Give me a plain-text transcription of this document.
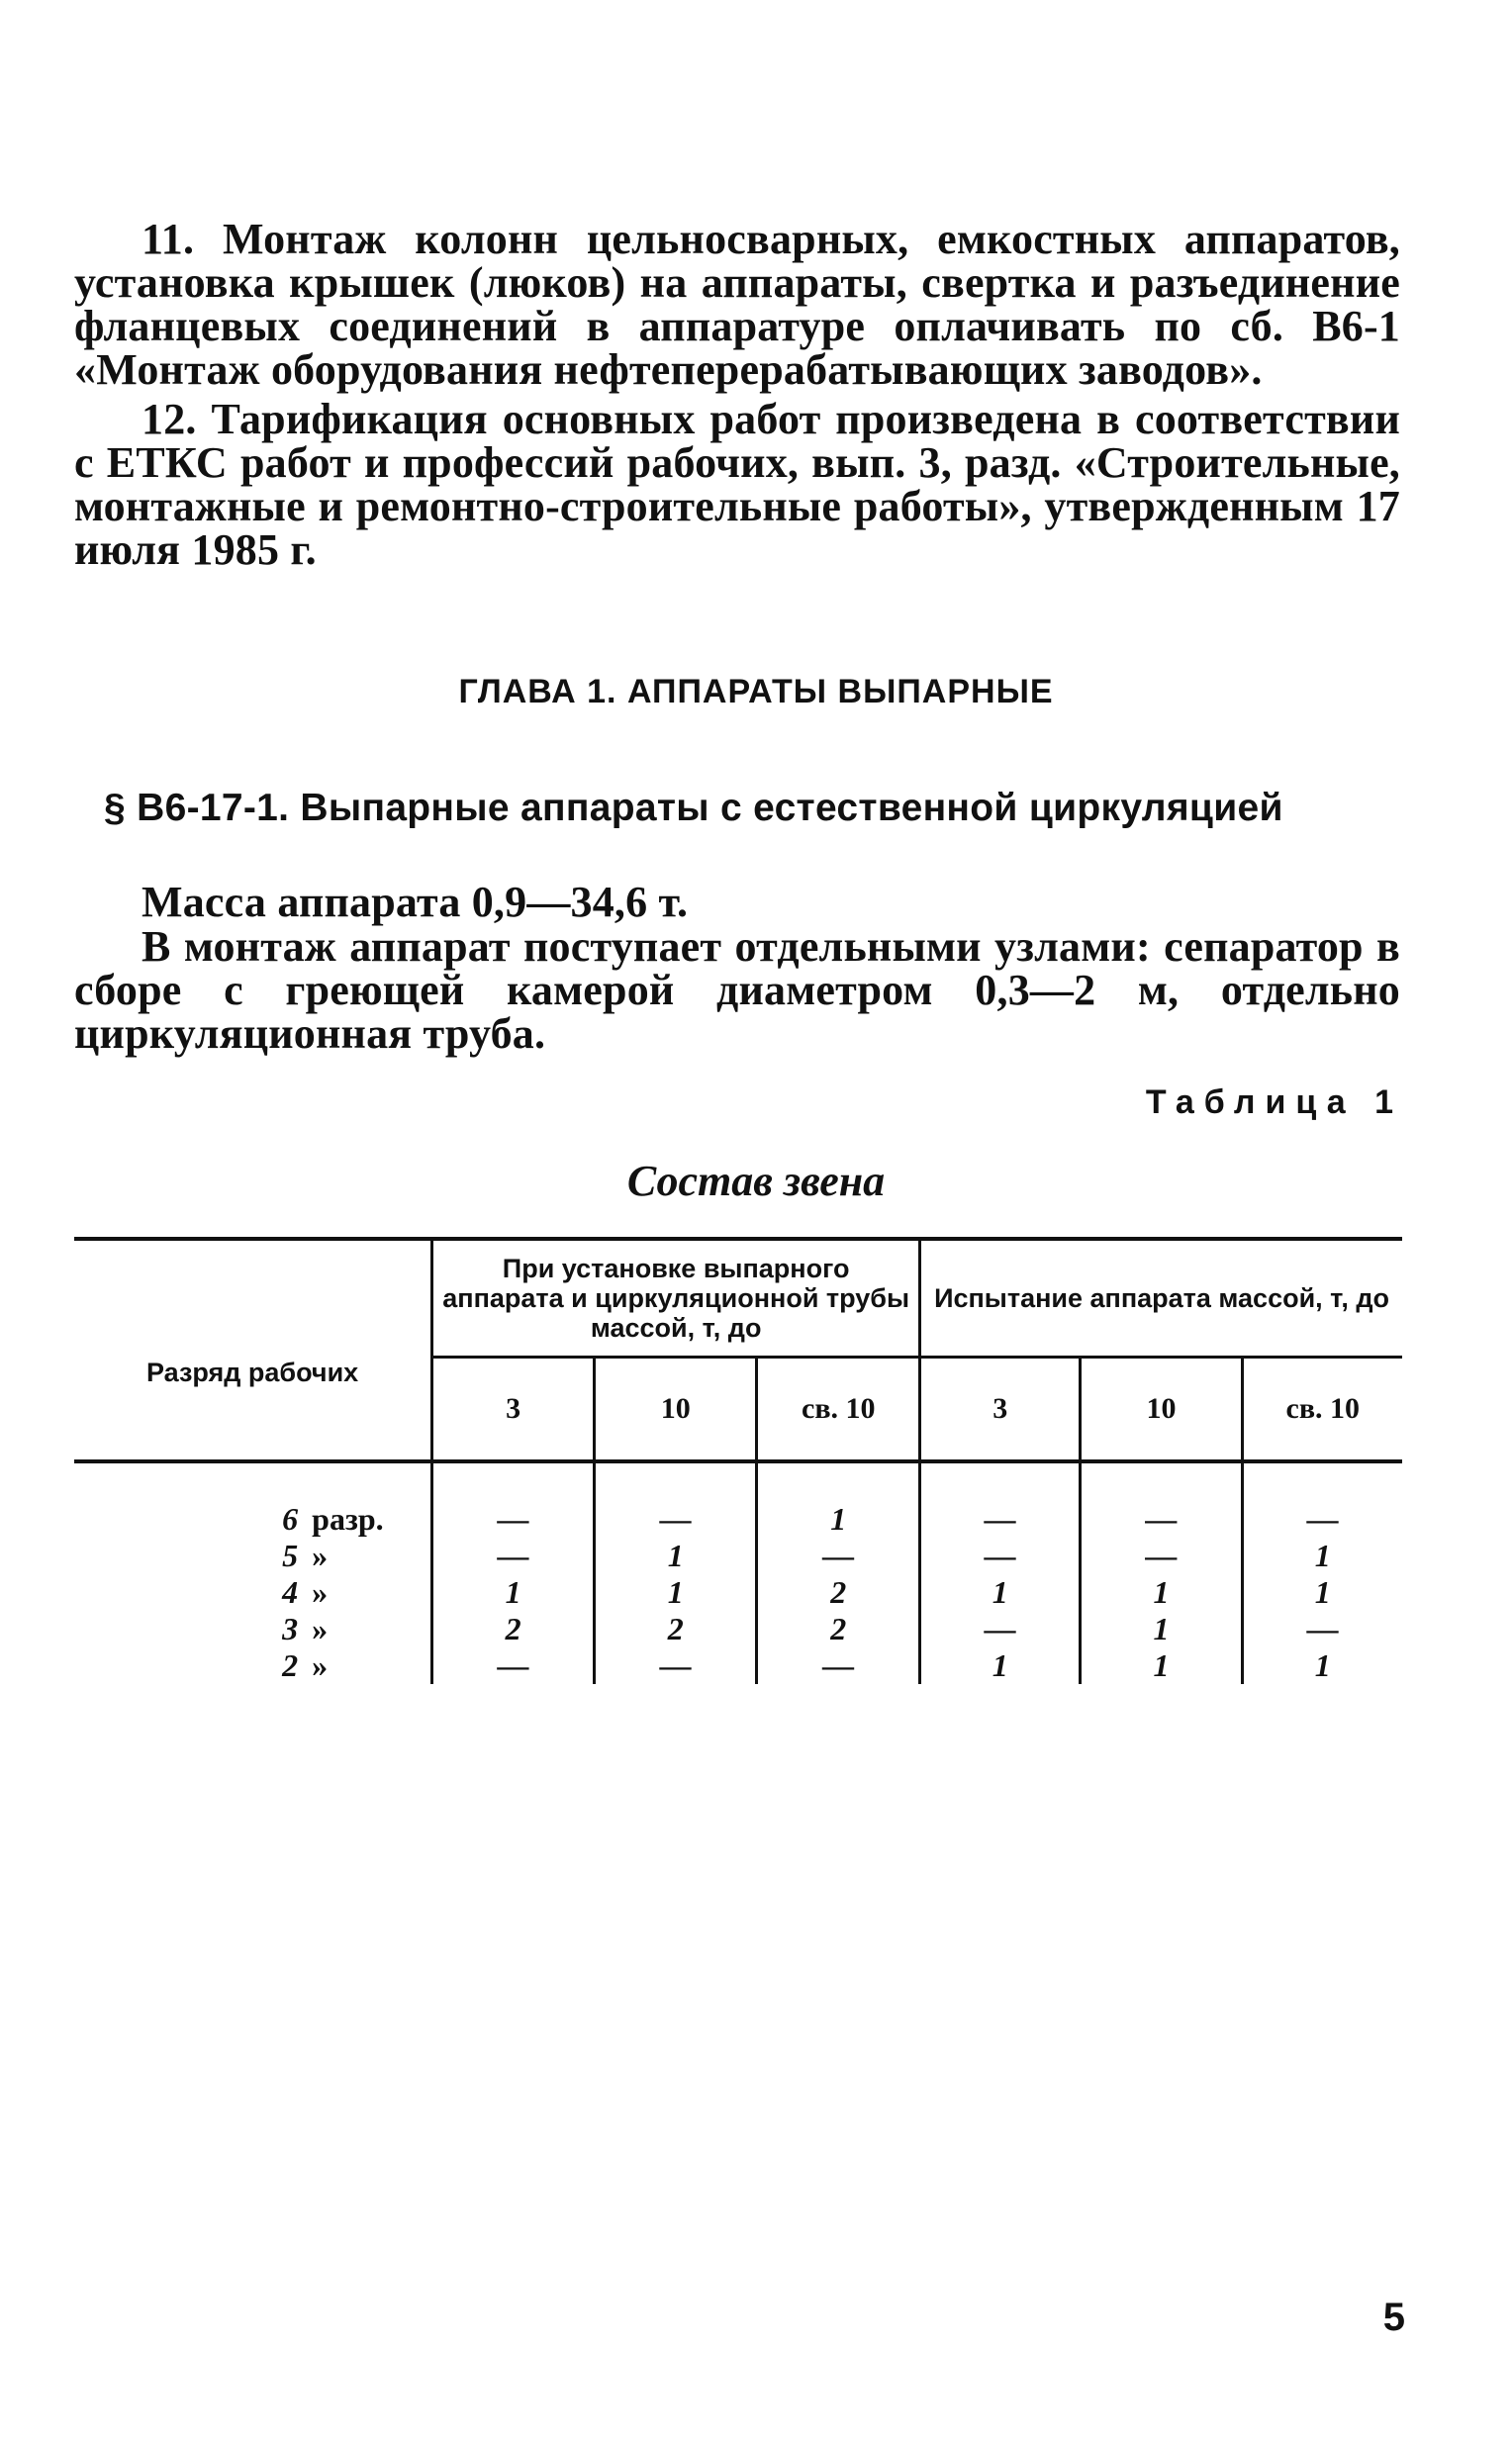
11. Монтаж колонн цельносварных, емкостных аппаратов, установка крышек (люков) на аппараты, свертка и разъединение фланцевых соединений в аппаратуре оплачивать по сб. В6-1 «Монтаж оборудования нефтеперерабатывающих заводов».

12. Тарификация основных работ произведена в соответствии с ЕТКС работ и профессий рабочих, вып. 3, разд. «Строительные, монтажные и ремонтно-строительные работы», утвержденным 17 июля 1985 г.

ГЛАВА 1. АППАРАТЫ ВЫПАРНЫЕ
§ В6-17-1. Выпарные аппараты с естественной циркуляцией

Масса аппарата 0,9—34,6 т.

В монтаж аппарат поступает отдельными узлами: сепаратор в сборе с греющей камерой диаметром 0,3—2 м, отдельно циркуляционная труба.

Таблица 1
Состав звена
Разряд рабочих	При установке выпарного аппарата и циркуляционной трубы массой, т, до			Испытание аппарата массой, т, до		
	3	10	св. 10	3	10	св. 10
6 разр.	—	—	1	—	—	—
5 »	—	1	—	—	—	1
4 »	1	1	2	1	1	1
3 »	2	2	2	—	1	—
2 »	—	—	—	1	1	1
5
